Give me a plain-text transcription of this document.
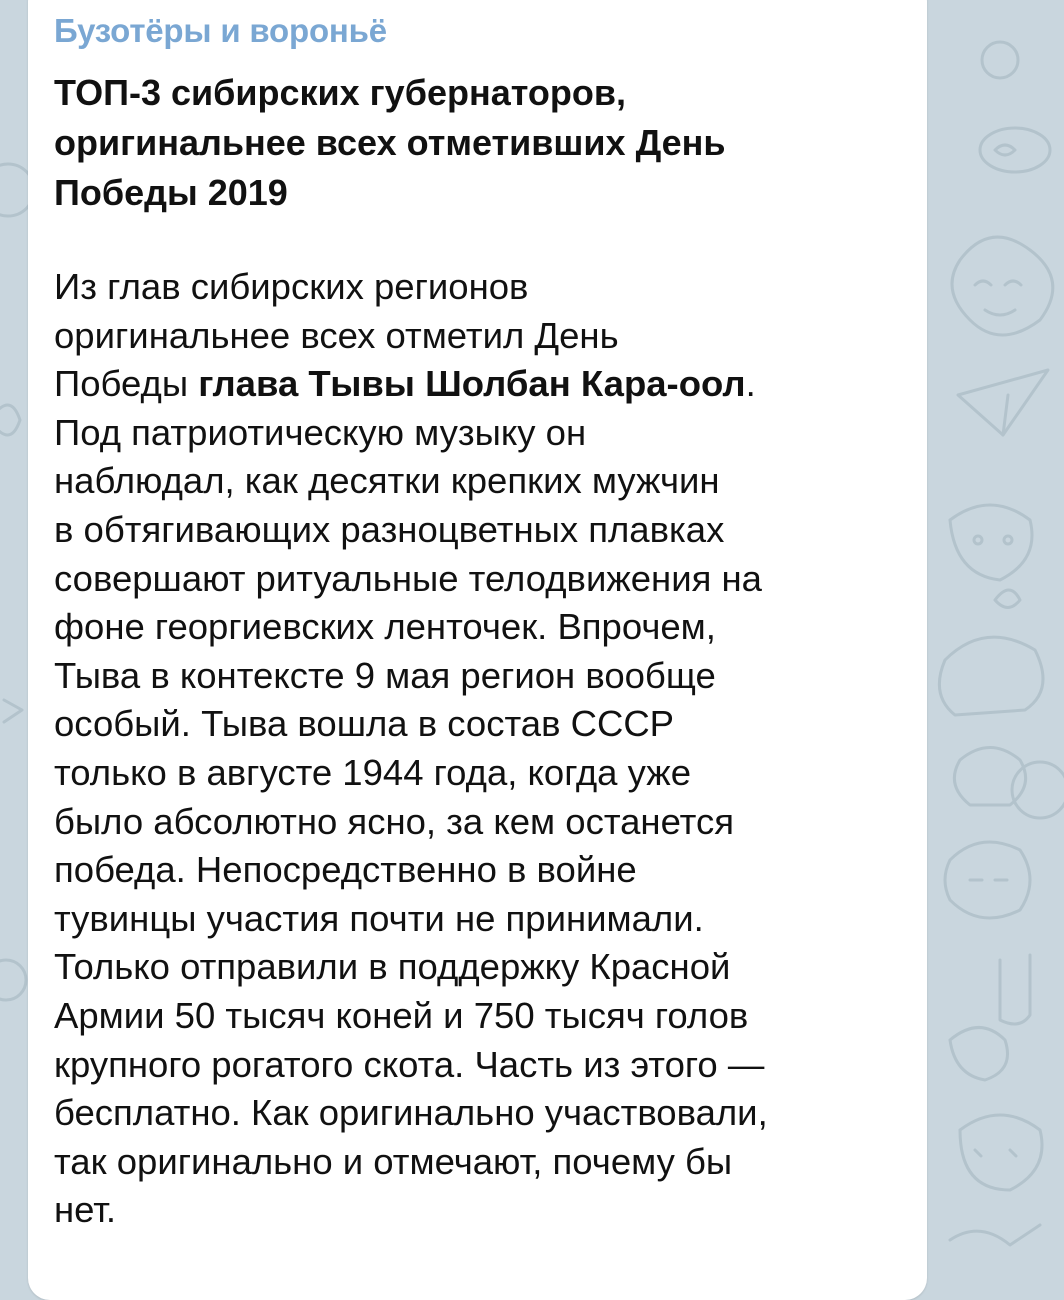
Бузотёры и вороньё
ТОП-3 сибирских губернаторов,
оригинальнее всех отметивших День
Победы 2019
Из глав сибирских регионов
оригинальнее всех отметил День
Победы глава Тывы Шолбан Кара-оол.
Под патриотическую музыку он
наблюдал, как десятки крепких мужчин
в обтягивающих разноцветных плавках
совершают ритуальные телодвижения на
фоне георгиевских ленточек. Впрочем,
Тыва в контексте 9 мая регион вообще
особый. Тыва вошла в состав СССР
только в августе 1944 года, когда уже
было абсолютно ясно, за кем останется
победа. Непосредственно в войне
тувинцы участия почти не принимали.
Только отправили в поддержку Красной
Армии 50 тысяч коней и 750 тысяч голов
крупного рогатого скота. Часть из этого —
бесплатно. Как оригинально участвовали,
так оригинально и отмечают, почему бы
нет.
